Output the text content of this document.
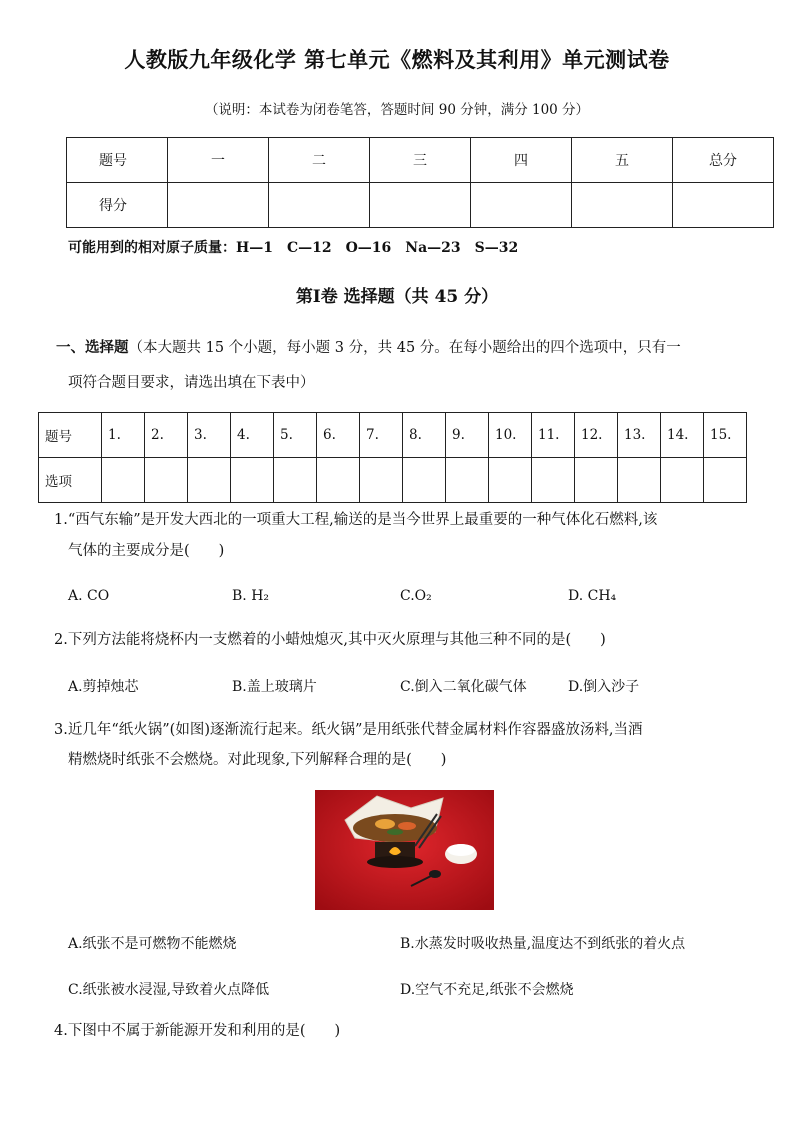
人教版九年级化学 第七单元《燃料及其利用》单元测试卷
（说明：本试卷为闭卷笔答，答题时间 90 分钟，满分 100 分）
题号	一	二	三	四	五	总分
得分						
可能用到的相对原子质量：H—1　C—12　O—16　Na—23　S—32
第Ⅰ卷 选择题（共 45 分）
一、选择题（本大题共 15 个小题，每小题 3 分，共 45 分。在每小题给出的四个选项中，只有一
项符合题目要求，请选出填在下表中）
题号	1.	2.	3.	4.	5.	6.	7.	8.	9.	10.	11.	12.	13.	14.	15.
选项															
1.“西气东输”是开发大西北的一项重大工程,输送的是当今世界上最重要的一种气体化石燃料,该
气体的主要成分是(　　)
A. CO	B. H₂	C.O₂	D. CH₄
2.下列方法能将烧杯内一支燃着的小蜡烛熄灭,其中灭火原理与其他三种不同的是(　　)
A.剪掉烛芯	B.盖上玻璃片	C.倒入二氧化碳气体	D.倒入沙子
3.近几年“纸火锅”(如图)逐渐流行起来。纸火锅”是用纸张代替金属材料作容器盛放汤料,当酒
精燃烧时纸张不会燃烧。对此现象,下列解释合理的是(　　)
A.纸张不是可燃物不能燃烧	B.水蒸发时吸收热量,温度达不到纸张的着火点
C.纸张被水浸湿,导致着火点降低	D.空气不充足,纸张不会燃烧
4.下图中不属于新能源开发和利用的是(　　)
